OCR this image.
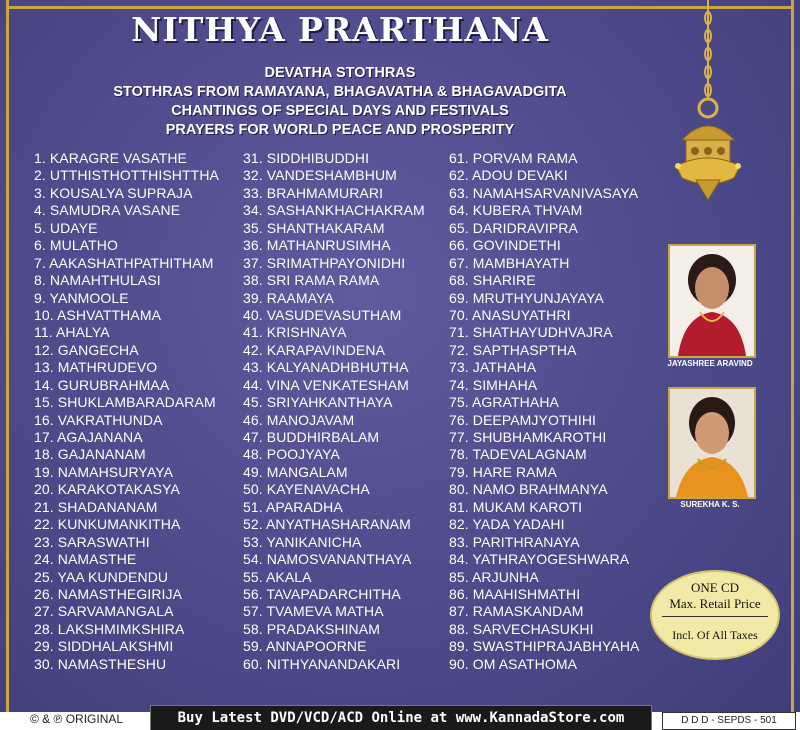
NITHYA PRARTHANA
DEVATHA STOTHRAS
STOTHRAS FROM RAMAYANA, BHAGAVATHA & BHAGAVADGITA
CHANTINGS OF SPECIAL DAYS AND FESTIVALS
PRAYERS FOR WORLD PEACE AND PROSPERITY
1. KARAGRE VASATHE
2. UTTHISTHOTTHISHTTHA
3. KOUSALYA SUPRAJA
4. SAMUDRA VASANE
5. UDAYE
6. MULATHO
7. AAKASHATHPATHITHAM
8. NAMAHTHULASI
9. YANMOOLE
10. ASHVATTHAMA
11. AHALYA
12. GANGECHA
13. MATHRUDEVO
14. GURUBRAHMAA
15. SHUKLAMBARADARAM
16. VAKRATHUNDA
17. AGAJANANA
18. GAJANANAM
19. NAMAHSURYAYA
20. KARAKOTAKASYA
21. SHADANANAM
22. KUNKUMANKITHA
23. SARASWATHI
24. NAMASTHE
25. YAA KUNDENDU
26. NAMASTHEGIRIJA
27. SARVAMANGALA
28. LAKSHMIMKSHIRA
29. SIDDHALAKSHMI
30. NAMASTHESHU
31. SIDDHIBUDDHI
32. VANDESHAMBHUM
33. BRAHMAMURARI
34. SASHANKHACHAKRAM
35. SHANTHAKARAM
36. MATHANRUSIMHA
37. SRIMATHPAYONIDHI
38. SRI RAMA RAMA
39. RAAMAYA
40. VASUDEVASUTHAM
41. KRISHNAYA
42. KARAPAVINDENA
43. KALYANADHBHUTHA
44. VINA VENKATESHAM
45. SRIYAHKANTHAYA
46. MANOJAVAM
47. BUDDHIRBALAM
48. POOJYAYA
49. MANGALAM
50. KAYENAVACHA
51. APARADHA
52. ANYATHASHARANAM
53. YANIKANICHA
54. NAMOSVANANTHAYA
55. AKALA
56. TAVAPADARCHITHA
57. TVAMEVA MATHA
58. PRADAKSHINAM
59. ANNAPOORNE
60. NITHYANANDAKARI
61. PORVAM RAMA
62. ADOU DEVAKI
63. NAMAHSARVANIVASAYA
64. KUBERA THVAM
65. DARIDRAVIPRA
66. GOVINDETHI
67. MAMBHAYATH
68. SHARIRE
69. MRUTHYUNJAYAYA
70. ANASUYATHRI
71. SHATHAYUDHVAJRA
72. SAPTHASPTHA
73. JATHAHA
74. SIMHAHA
75. AGRATHAHA
76. DEEPAMJYOTHIHI
77. SHUBHAMKAROTHI
78. TADEVALAGNAM
79. HARE RAMA
80. NAMO BRAHMANYA
81. MUKAM KAROTI
82. YADA YADAHI
83. PARITHRANAYA
84. YATHRAYOGESHWARA
85. ARJUNHA
86. MAAHISHMATHI
87. RAMASKANDAM
88. SARVECHASUKHI
89. SWASTHIPRAJABHYAHA
90. OM ASATHOMA
JAYASHREE ARAVIND
SUREKHA K. S.
ONE CD
Max. Retail Price
Incl. Of All Taxes
© & ℗ ORIGINAL	Buy Latest DVD/VCD/ACD Online at www.KannadaStore.com	D D D - SEPDS - 501
